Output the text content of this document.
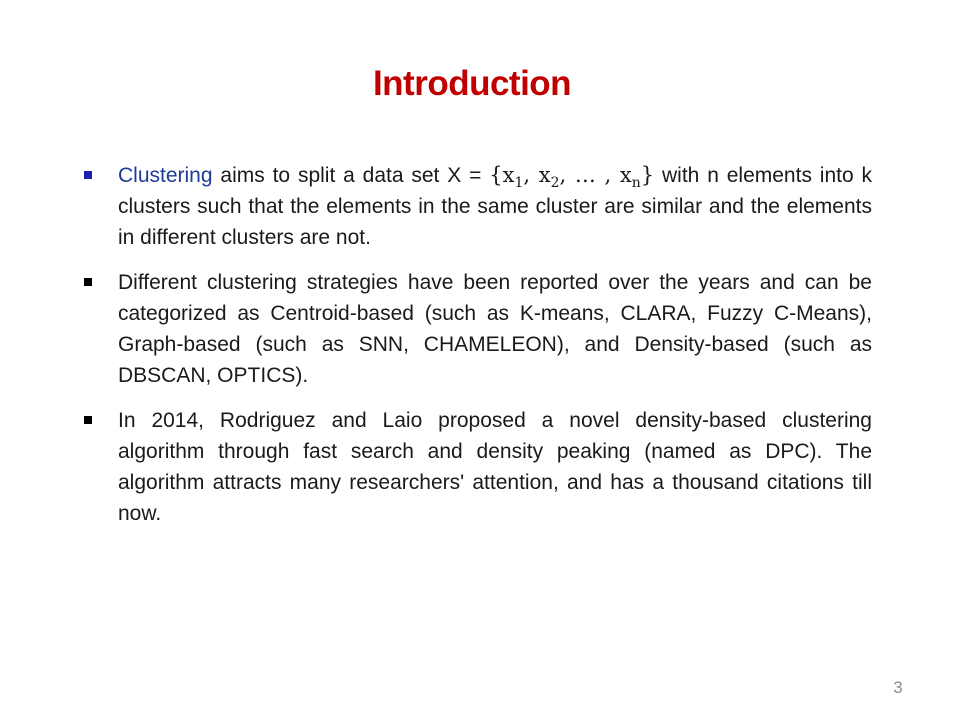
Introduction
Clustering aims to split a data set $X = \{x_1$, $x_2$, … , $x_n$} with n elements into k clusters such that the elements in the same cluster are similar and the elements in different clusters are not.
Different clustering strategies have been reported over the years and can be categorized as Centroid-based (such as K-means, CLARA, Fuzzy C-Means), Graph-based (such as SNN, CHAMELEON), and Density-based (such as DBSCAN, OPTICS).
In 2014, Rodriguez and Laio proposed a novel density-based clustering algorithm through fast search and density peaking (named as DPC). The algorithm attracts many researchers' attention, and has a thousand citations till now.
3
